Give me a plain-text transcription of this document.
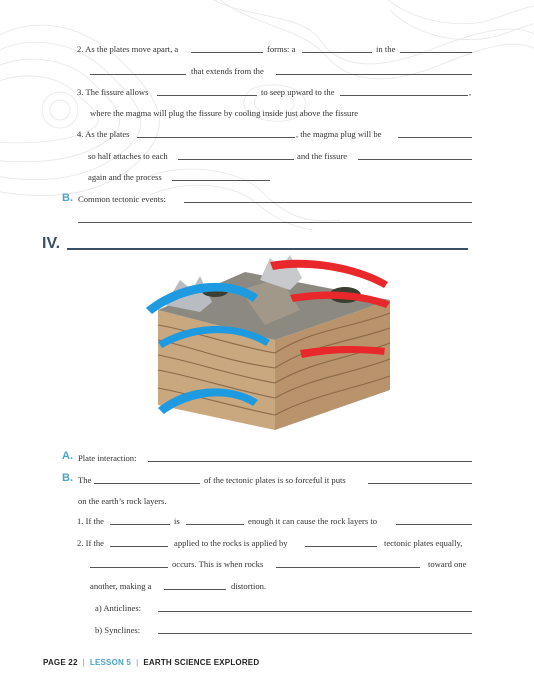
2. As the plates move apart, a	forms: a	in the
that extends from the
3. The fissure allows	to seep upward to the	,
where the magma will plug the fissure by cooling inside just above the fissure
4. As the plates	, the magma plug will be
so half attaches to each	and the fissure
again and the process
B. Common tectonic events:
IV.
A. Plate interaction:
B. The	of the tectonic plates is so forceful it puts
on the earth’s rock layers.
1. If the	is	enough it can cause the rock layers to
2. If the	applied to the rocks is applied by	tectonic plates equally,
occurs. This is when rocks	toward one
another, making a	distortion.
a) Anticlines:
b) Synclines:
PAGE 22 | LESSON 5 | EARTH SCIENCE EXPLORED
